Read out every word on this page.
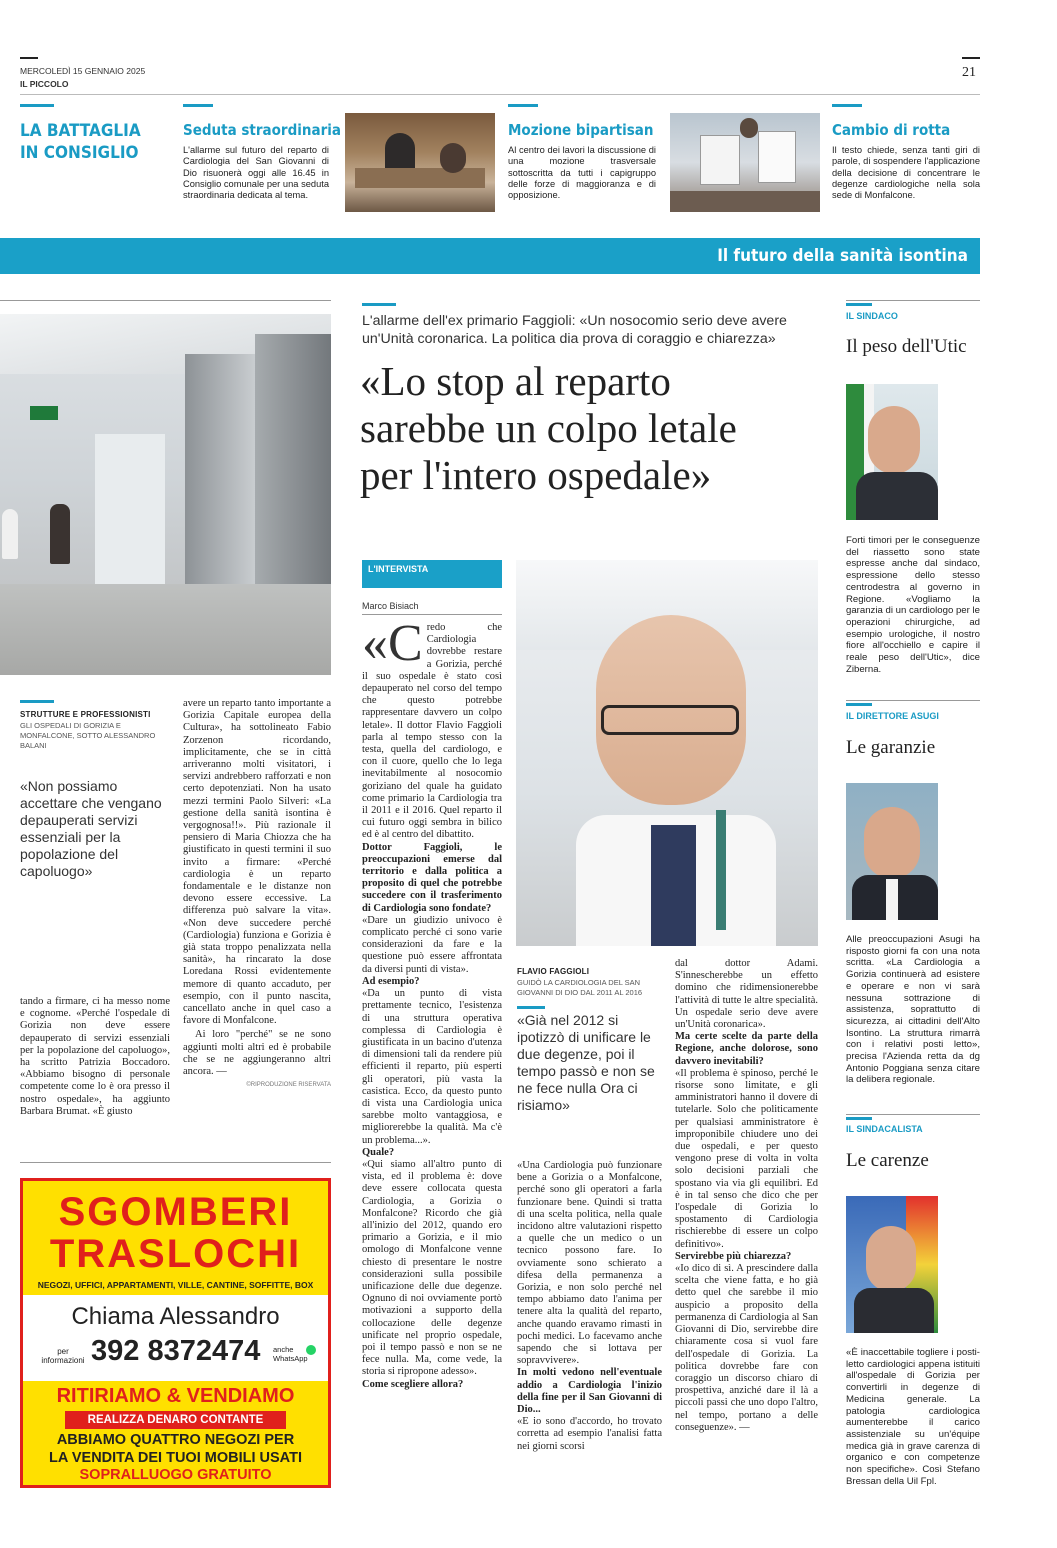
MERCOLEDÌ 15 GENNAIO 2025
IL PICCOLO
21
LA BATTAGLIA
IN CONSIGLIO
Seduta straordinaria
L'allarme sul futuro del reparto di Cardiologia del San Giovanni di Dio risuonerà oggi alle 16.45 in Consiglio comunale per una seduta straordinaria dedicata al tema.
Mozione bipartisan
Al centro dei lavori la discussione di una mozione trasversale sottoscritta da tutti i capigruppo delle forze di maggioranza e di opposizione.
Cambio di rotta
Il testo chiede, senza tanti giri di parole, di sospendere l'applicazione della decisione di concentrare le degenze cardiologiche nella sola sede di Monfalcone.
Il futuro della sanità isontina
STRUTTURE E PROFESSIONISTI
GLI OSPEDALI DI GORIZIA E MONFALCONE, SOTTO ALESSANDRO BALANI
«Non possiamo accettare che vengano depauperati servizi essenziali per la popolazione del capoluogo»
avere un reparto tanto importante a Gorizia Capitale europea della Cultura», ha sottolineato Fabio Zorzenon ricordando, implicitamente, che se in città arriveranno molti visitatori, i servizi andrebbero rafforzati e non certo depotenziati. Non ha usato mezzi termini Paolo Silveri: «La gestione della sanità isontina è vergognosa!!». Più razionale il pensiero di Maria Chiozza che ha giustificato in questi termini il suo invito a firmare: «Perché cardiologia è un reparto fondamentale e le distanze non devono essere eccessive. La differenza può salvare la vita». «Non deve succedere perché (Cardiologia) funziona e Gorizia è già stata troppo penalizzata nella sanità», ha rincarato la dose Loredana Rossi evidentemente memore di quanto accaduto, per esempio, con il punto nascita, cancellato anche in quel caso a favore di Monfalcone.
Ai loro "perché" se ne sono aggiunti molti altri ed è probabile che se ne aggiungeranno altri ancora. —
©RIPRODUZIONE RISERVATA
tando a firmare, ci ha messo nome e cognome. «Perché l'ospedale di Gorizia non deve essere depauperato di servizi essenziali per la popolazione del capoluogo», ha scritto Patrizia Boccadoro. «Abbiamo bisogno di personale competente come lo è ora presso il nostro ospedale», ha aggiunto Barbara Brumat. «È giusto
SGOMBERI
TRASLOCHI
NEGOZI, UFFICI, APPARTAMENTI, VILLE, CANTINE, SOFFITTE, BOX
Chiama Alessandro
per informazioni 392 8372474 anche WhatsApp
RITIRIAMO & VENDIAMO
REALIZZA DENARO CONTANTE
ABBIAMO QUATTRO NEGOZI PER
LA VENDITA DEI TUOI MOBILI USATI
SOPRALLUOGO GRATUITO
L'allarme dell'ex primario Faggioli: «Un nosocomio serio deve avere un'Unità coronarica. La politica dia prova di coraggio e chiarezza»
«Lo stop al reparto
sarebbe un colpo letale
per l'intero ospedale»
L'INTERVISTA
Marco Bisiach
FLAVIO FAGGIOLI
GUIDÒ LA CARDIOLOGIA DEL SAN GIOVANNI DI DIO DAL 2011 AL 2016
«Credo che Cardiologia dovrebbe restare a Gorizia, perché il suo ospedale è stato così depauperato nel corso del tempo che questo potrebbe rappresentare davvero un colpo letale». Il dottor Flavio Faggioli parla al tempo stesso con la testa, quella del cardiologo, e con il cuore, quello che lo lega inevitabilmente al nosocomio goriziano del quale ha guidato come primario la Cardiologia tra il 2011 e il 2016. Quel reparto il cui futuro oggi sembra in bilico ed è al centro del dibattito.
Dottor Faggioli, le preoccupazioni emerse dal territorio e dalla politica a proposito di quel che potrebbe succedere con il trasferimento di Cardiologia sono fondate?
«Dare un giudizio univoco è complicato perché ci sono varie considerazioni da fare e la questione può essere affrontata da diversi punti di vista».
Ad esempio?
«Da un punto di vista prettamente tecnico, l'esistenza di una struttura operativa complessa di Cardiologia è giustificata in un bacino d'utenza di dimensioni tali da rendere più efficienti il reparto, più esperti gli operatori, più vasta la casistica. Ecco, da questo punto di vista una Cardiologia unica sarebbe molto vantaggiosa, e migliorerebbe la qualità. Ma c'è un problema...».
Quale?
«Qui siamo all'altro punto di vista, ed il problema è: dove deve essere collocata questa Cardiologia, a Gorizia o Monfalcone? Ricordo che già all'inizio del 2012, quando ero primario a Gorizia, e il mio omologo di Monfalcone venne chiesto di presentare le nostre considerazioni sulla possibile unificazione delle due degenze. Ognuno di noi ovviamente portò motivazioni a supporto della collocazione delle degenze unificate nel proprio ospedale, poi il tempo passò e non se ne fece nulla. Ma, come vede, la storia si ripropone adesso».
Come scegliere allora?
«Già nel 2012 si ipotizzò di unificare le due degenze, poi il tempo passò e non se ne fece nulla Ora ci risiamo»
«Una Cardiologia può funzionare bene a Gorizia o a Monfalcone, perché sono gli operatori a farla funzionare bene. Quindi si tratta di una scelta politica, nella quale incidono altre valutazioni rispetto a quelle che un medico o un tecnico possono fare. Io ovviamente sono schierato a difesa della permanenza a Gorizia, e non solo perché nel tempo abbiamo dato l'anima per tenere alta la qualità del reparto, anche quando eravamo rimasti in pochi medici. Lo facevamo anche sapendo che si lottava per sopravvivere».
In molti vedono nell'eventuale addio a Cardiologia l'inizio della fine per il San Giovanni di Dio...
«E io sono d'accordo, ho trovato corretta ad esempio l'analisi fatta nei giorni scorsi
dal dottor Adami. S'innescherebbe un effetto domino che ridimensionerebbe l'attività di tutte le altre specialità. Un ospedale serio deve avere un'Unità coronarica».
Ma certe scelte da parte della Regione, anche dolorose, sono davvero inevitabili?
«Il problema è spinoso, perché le risorse sono limitate, e gli amministratori hanno il dovere di tutelarle. Solo che politicamente per qualsiasi amministratore è improponibile chiudere uno dei due ospedali, e per questo vengono prese di volta in volta solo decisioni parziali che spostano via via gli equilibri. Ed è in tal senso che dico che per l'ospedale di Gorizia lo spostamento di Cardiologia rischierebbe di essere un colpo definitivo».
Servirebbe più chiarezza?
«Io dico di sì. A prescindere dalla scelta che viene fatta, e ho già detto quel che sarebbe il mio auspicio a proposito della permanenza di Cardiologia al San Giovanni di Dio, servirebbe dire chiaramente cosa si vuol fare dell'ospedale di Gorizia. La politica dovrebbe fare con coraggio un discorso chiaro di prospettiva, anziché dare il là a piccoli passi che uno dopo l'altro, nel tempo, portano a delle conseguenze». —
IL SINDACO
Il peso dell'Utic
Forti timori per le conseguenze del riassetto sono state espresse anche dal sindaco, espressione dello stesso centrodestra al governo in Regione. «Vogliamo la garanzia di un cardiologo per le operazioni chirurgiche, ad esempio urologiche, il nostro fiore all'occhiello e capire il reale peso dell'Utic», dice Ziberna.
IL DIRETTORE ASUGI
Le garanzie
Alle preoccupazioni Asugi ha risposto giorni fa con una nota scritta. «La Cardiologia a Gorizia continuerà ad esistere e operare e non vi sarà nessuna sottrazione di assistenza, soprattutto di sicurezza, ai cittadini dell'Alto Isontino. La struttura rimarrà con i relativi posti letto», precisa l'Azienda retta da dg Antonio Poggiana senza citare la delibera regionale.
IL SINDACALISTA
Le carenze
«È inaccettabile togliere i posti-letto cardiologici appena istituiti all'ospedale di Gorizia per convertirli in degenze di Medicina generale. La patologia cardiologica aumenterebbe il carico assistenziale su un'équipe medica già in grave carenza di organico e con competenze non specifiche». Così Stefano Bressan della Uil Fpl.
